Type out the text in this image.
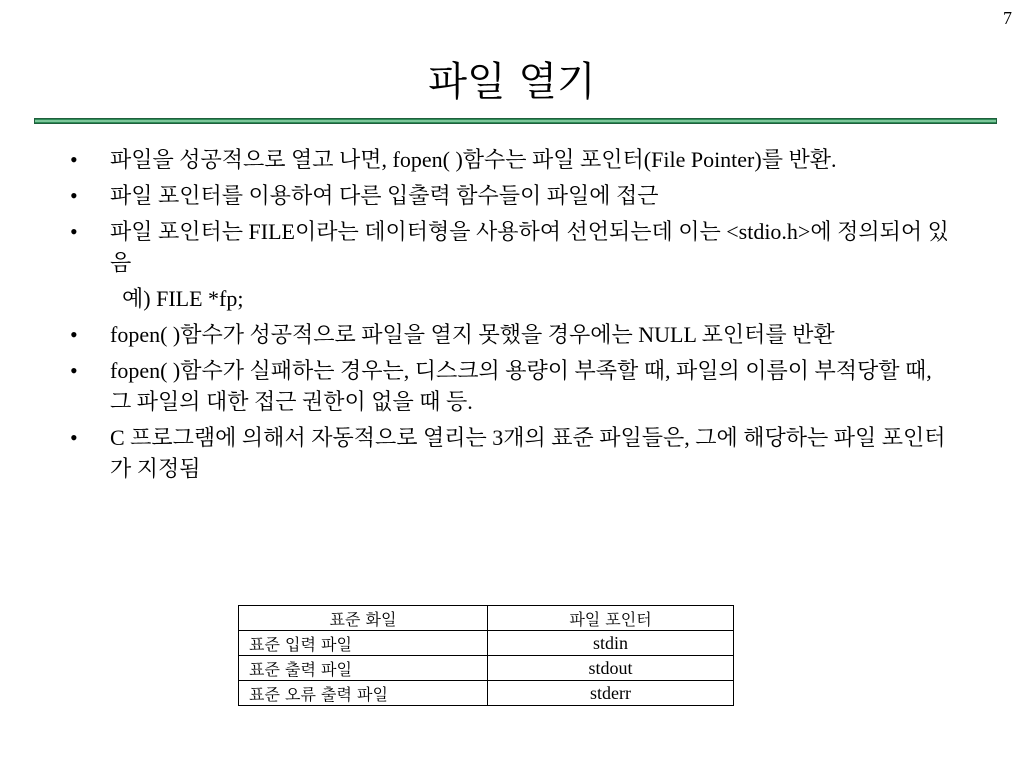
7
파일 열기
• 파일을 성공적으로 열고 나면, fopen( )함수는 파일 포인터(File Pointer)를 반환.
• 파일 포인터를 이용하여 다른 입출력 함수들이 파일에 접근
• 파일 포인터는 FILE이라는 데이터형을 사용하여 선언되는데 이는 <stdio.h>에 정의되어 있음
예) FILE *fp;
• fopen( )함수가 성공적으로 파일을 열지 못했을 경우에는 NULL 포인터를 반환
• fopen( )함수가 실패하는 경우는, 디스크의 용량이 부족할 때, 파일의 이름이 부적당할 때, 그 파일의 대한 접근 권한이 없을 때 등.
• C 프로그램에 의해서 자동적으로 열리는 3개의 표준 파일들은, 그에 해당하는 파일 포인터가 지정됨
표준 화일	파일 포인터
표준 입력 파일	stdin
표준 출력 파일	stdout
표준 오류 출력 파일	stderr
